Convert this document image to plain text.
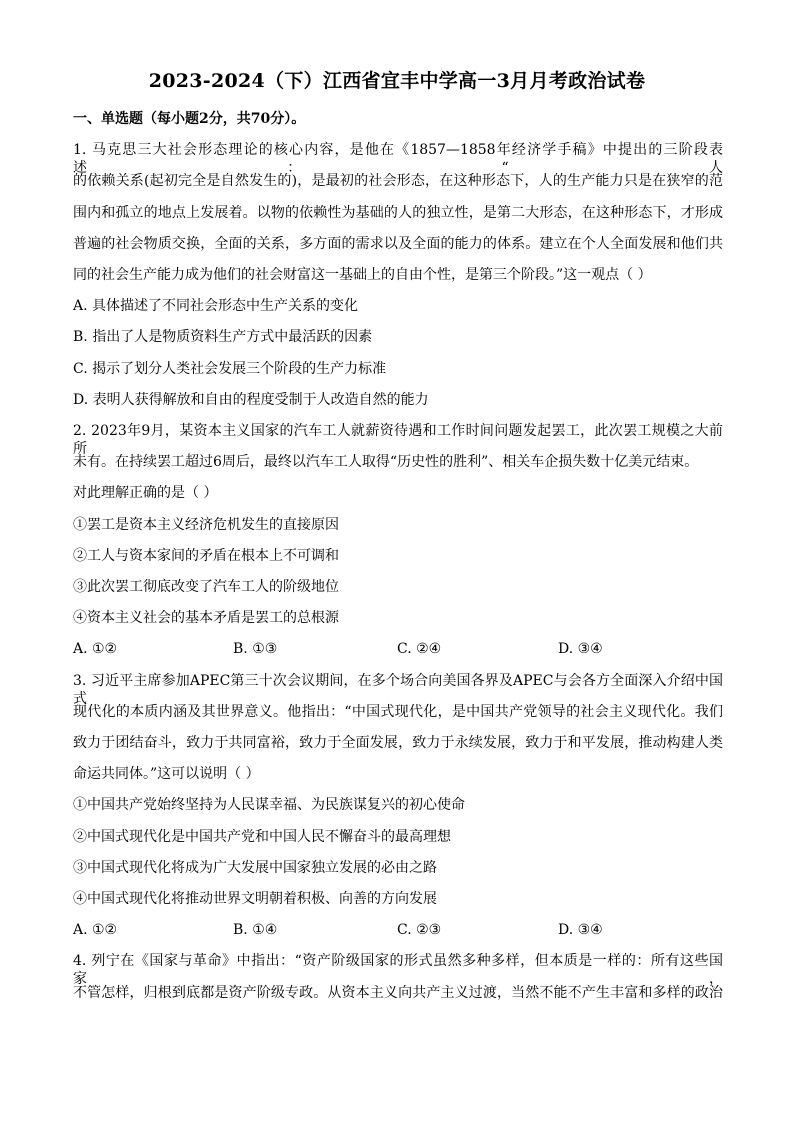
2023-2024（下）江西省宜丰中学高一3月月考政治试卷
一、单选题（每小题2分，共70分）。
1. 马克思三大社会形态理论的核心内容，是他在《1857—1858年经济学手稿》中提出的三阶段表述：“人
的依赖关系(起初完全是自然发生的)，是最初的社会形态，在这种形态下，人的生产能力只是在狭窄的范
围内和孤立的地点上发展着。以物的依赖性为基础的人的独立性，是第二大形态，在这种形态下，才形成
普遍的社会物质交换，全面的关系，多方面的需求以及全面的能力的体系。建立在个人全面发展和他们共
同的社会生产能力成为他们的社会财富这一基础上的自由个性，是第三个阶段。”这一观点（ ）
A. 具体描述了不同社会形态中生产关系的变化
B. 指出了人是物质资料生产方式中最活跃的因素
C. 揭示了划分人类社会发展三个阶段的生产力标准
D. 表明人获得解放和自由的程度受制于人改造自然的能力
2. 2023年9月，某资本主义国家的汽车工人就薪资待遇和工作时间问题发起罢工，此次罢工规模之大前所
未有。在持续罢工超过6周后，最终以汽车工人取得“历史性的胜利”、相关车企损失数十亿美元结束。
对此理解正确的是（ ）
①罢工是资本主义经济危机发生的直接原因
②工人与资本家间的矛盾在根本上不可调和
③此次罢工彻底改变了汽车工人的阶级地位
④资本主义社会的基本矛盾是罢工的总根源
A. ①②	B. ①③	C. ②④	D. ③④
3. 习近平主席参加APEC第三十次会议期间，在多个场合向美国各界及APEC与会各方全面深入介绍中国式
现代化的本质内涵及其世界意义。他指出：“中国式现代化，是中国共产党领导的社会主义现代化。我们
致力于团结奋斗，致力于共同富裕，致力于全面发展，致力于永续发展，致力于和平发展，推动构建人类
命运共同体。”这可以说明（ ）
①中国共产党始终坚持为人民谋幸福、为民族谋复兴的初心使命
②中国式现代化是中国共产党和中国人民不懈奋斗的最高理想
③中国式现代化将成为广大发展中国家独立发展的必由之路
④中国式现代化将推动世界文明朝着积极、向善的方向发展
A. ①②	B. ①④	C. ②③	D. ③④
4. 列宁在《国家与革命》中指出：“资产阶级国家的形式虽然多种多样，但本质是一样的：所有这些国家，
不管怎样，归根到底都是资产阶级专政。从资本主义向共产主义过渡，当然不能不产生丰富和多样的政治
